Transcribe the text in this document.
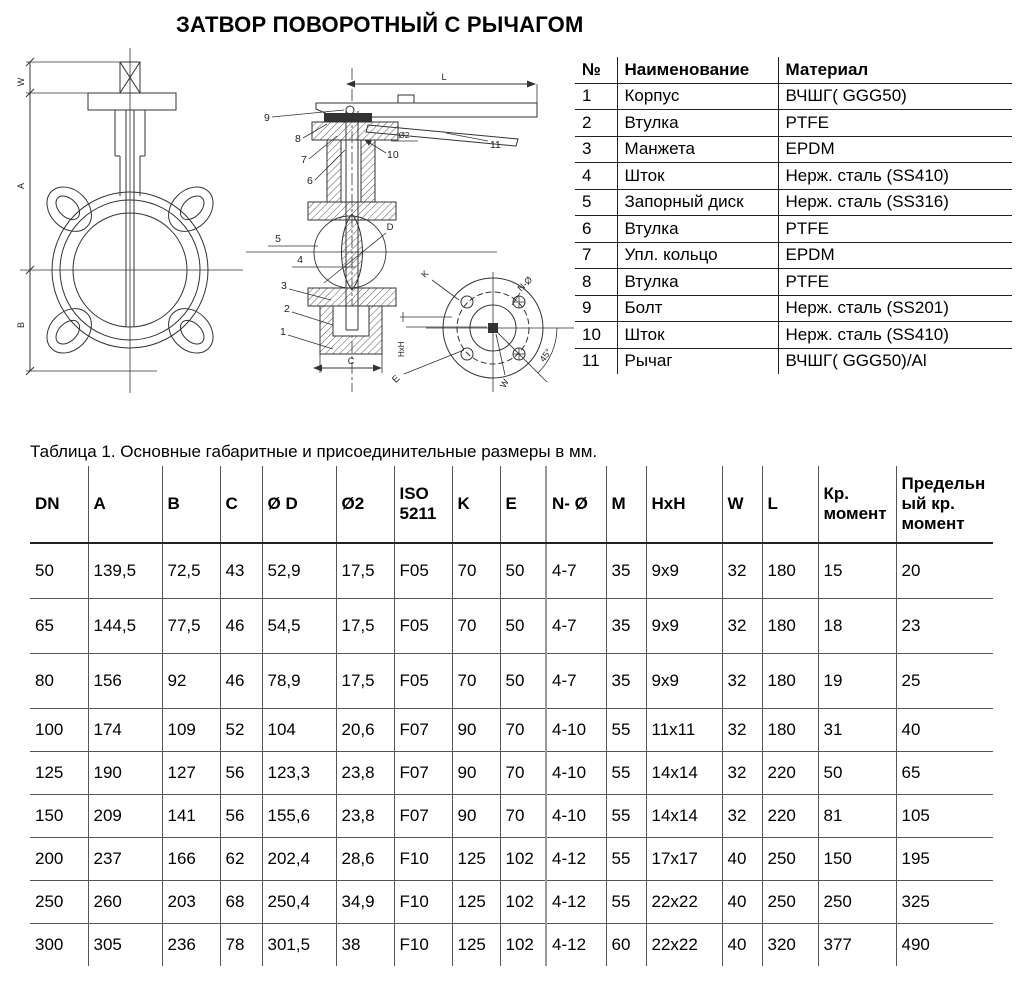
ЗАТВОР ПОВОРОТНЫЙ С РЫЧАГОМ
W
A
B
L
C
D
Ø2
9
8
7
6
10
11
5
4
3
2
1
K
N-Ø
45°
HxH
W
E
№	Наименование	Материал
1	Корпус	ВЧШГ( GGG50)
2	Втулка	PTFE
3	Манжета	EPDM
4	Шток	Нерж. сталь (SS410)
5	Запорный диск	Нерж. сталь (SS316)
6	Втулка	PTFE
7	Упл. кольцо	EPDM
8	Втулка	PTFE
9	Болт	Нерж. сталь (SS201)
10	Шток	Нерж. сталь (SS410)
11	Рычаг	ВЧШГ( GGG50)/Al
Таблица 1. Основные габаритные и присоединительные размеры в мм.
DN	A	B	C	Ø D	Ø2	ISO 5211	K	E	N- Ø	M	HxH	W	L	Кр. момент	Предельный кр. момент
50	139,5	72,5	43	52,9	17,5	F05	70	50	4-7	35	9x9	32	180	15	20
65	144,5	77,5	46	54,5	17,5	F05	70	50	4-7	35	9x9	32	180	18	23
80	156	92	46	78,9	17,5	F05	70	50	4-7	35	9x9	32	180	19	25
100	174	109	52	104	20,6	F07	90	70	4-10	55	11x11	32	180	31	40
125	190	127	56	123,3	23,8	F07	90	70	4-10	55	14x14	32	220	50	65
150	209	141	56	155,6	23,8	F07	90	70	4-10	55	14x14	32	220	81	105
200	237	166	62	202,4	28,6	F10	125	102	4-12	55	17x17	40	250	150	195
250	260	203	68	250,4	34,9	F10	125	102	4-12	55	22x22	40	250	250	325
300	305	236	78	301,5	38	F10	125	102	4-12	60	22x22	40	320	377	490
